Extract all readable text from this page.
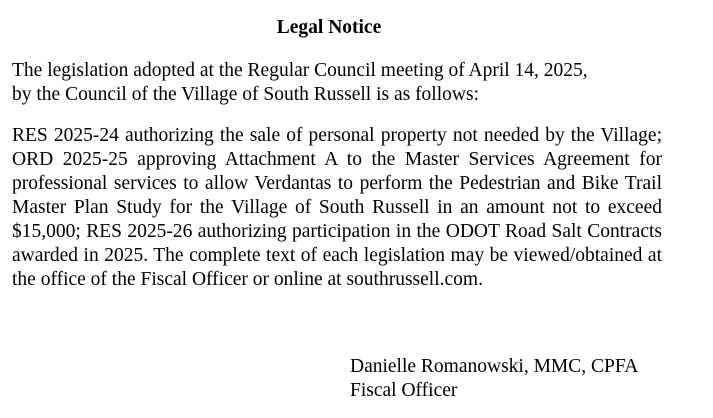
Legal Notice
The legislation adopted at the Regular Council meeting of April 14, 2025,
by the Council of the Village of South Russell is as follows:
RES 2025-24 authorizing the sale of personal property not needed by the Village; ORD 2025-25 approving Attachment A to the Master Services Agreement for professional services to allow Verdantas to perform the Pedestrian and Bike Trail Master Plan Study for the Village of South Russell in an amount not to exceed $15,000; RES 2025-26 authorizing participation in the ODOT Road Salt Contracts awarded in 2025. The complete text of each legislation may be viewed/obtained at the office of the Fiscal Officer or online at southrussell.com.
Danielle Romanowski, MMC, CPFA
Fiscal Officer
